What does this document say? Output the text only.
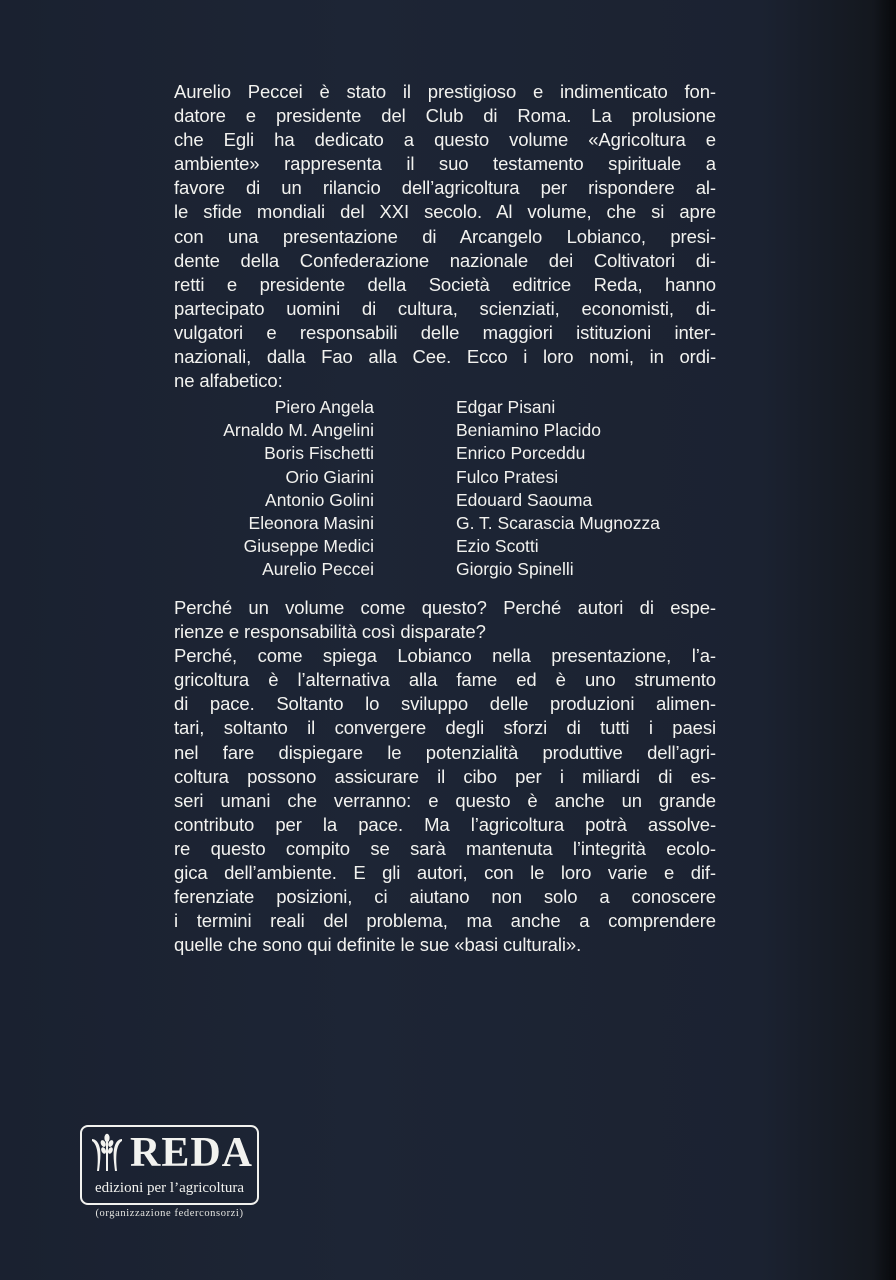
Aurelio Peccei è stato il prestigioso e indimenticato fon-
datore e presidente del Club di Roma. La prolusione
che Egli ha dedicato a questo volume «Agricoltura e
ambiente» rappresenta il suo testamento spirituale a
favore di un rilancio dell’agricoltura per rispondere al-
le sfide mondiali del XXI secolo. Al volume, che si apre
con una presentazione di Arcangelo Lobianco, presi-
dente della Confederazione nazionale dei Coltivatori di-
retti e presidente della Società editrice Reda, hanno
partecipato uomini di cultura, scienziati, economisti, di-
vulgatori e responsabili delle maggiori istituzioni inter-
nazionali, dalla Fao alla Cee. Ecco i loro nomi, in ordi-
ne alfabetico:
Piero Angela
Arnaldo M. Angelini
Boris Fischetti
Orio Giarini
Antonio Golini
Eleonora Masini
Giuseppe Medici
Aurelio Peccei
Edgar Pisani
Beniamino Placido
Enrico Porceddu
Fulco Pratesi
Edouard Saouma
G. T. Scarascia Mugnozza
Ezio Scotti
Giorgio Spinelli
Perché un volume come questo? Perché autori di espe-
rienze e responsabilità così disparate?
Perché, come spiega Lobianco nella presentazione, l’a-
gricoltura è l’alternativa alla fame ed è uno strumento
di pace. Soltanto lo sviluppo delle produzioni alimen-
tari, soltanto il convergere degli sforzi di tutti i paesi
nel fare dispiegare le potenzialità produttive dell’agri-
coltura possono assicurare il cibo per i miliardi di es-
seri umani che verranno: e questo è anche un grande
contributo per la pace. Ma l’agricoltura potrà assolve-
re questo compito se sarà mantenuta l’integrità ecolo-
gica dell’ambiente. E gli autori, con le loro varie e dif-
ferenziate posizioni, ci aiutano non solo a conoscere
i termini reali del problema, ma anche a comprendere
quelle che sono qui definite le sue «basi culturali».
REDA
edizioni per l’agricoltura
(organizzazione federconsorzi)
